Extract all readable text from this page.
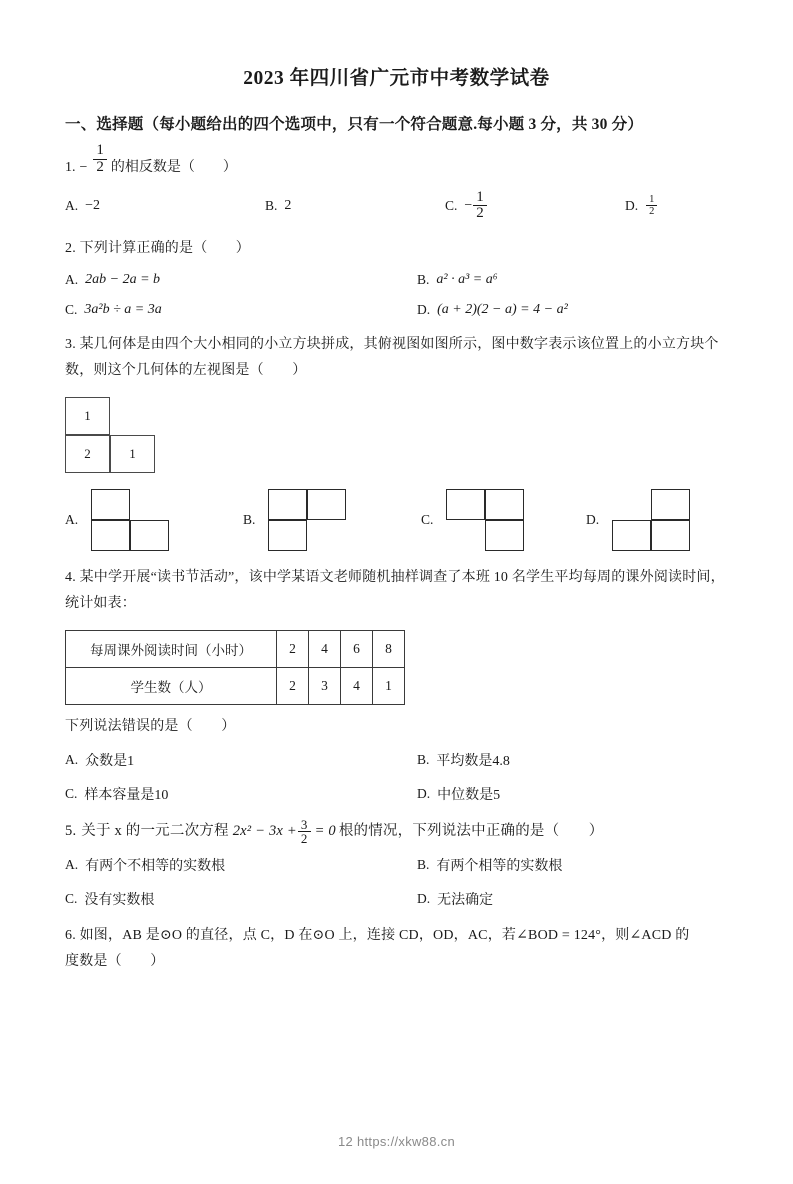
2023 年四川省广元市中考数学试卷
一、选择题（每小题给出的四个选项中，只有一个符合题意.每小题 3 分，共 30 分）
1. − $\frac{1}{2}$ 的相反数是（　　）
A. −2	B. 2	C. − $\frac{1}{2}$	D. $\frac{1}{2}$
2. 下列计算正确的是（　　）
A. 2ab − 2a = b	B. a² · a³ = a⁶
C. 3a²b ÷ a = 3a	D. (a + 2)(2 − a) = 4 − a²
3. 某几何体是由四个大小相同的小立方块拼成，其俯视图如图所示，图中数字表示该位置上的小立方块个
数，则这个几何体的左视图是（　　）
1
2	1
A.	B.	C.	D.
4. 某中学开展“读书节活动”，该中学某语文老师随机抽样调查了本班 10 名学生平均每周的课外阅读时间，
统计如表：
每周课外阅读时间（小时）	2	4	6	8
学生数（人）	2	3	4	1
下列说法错误的是（　　）
A. 众数是1	B. 平均数是4.8
C. 样本容量是10	D. 中位数是5
5. 关于 x 的一元二次方程 $2x^2 - 3x + \frac{3}{2} = 0$ 根的情况，下列说法中正确的是（　　）
A. 有两个不相等的实数根	B. 有两个相等的实数根
C. 没有实数根	D. 无法确定
6. 如图，AB 是⊙O 的直径，点 C，D 在⊙O 上，连接 CD，OD，AC，若∠BOD = 124°，则∠ACD 的
度数是（　　）
12 https://xkw88.cn
